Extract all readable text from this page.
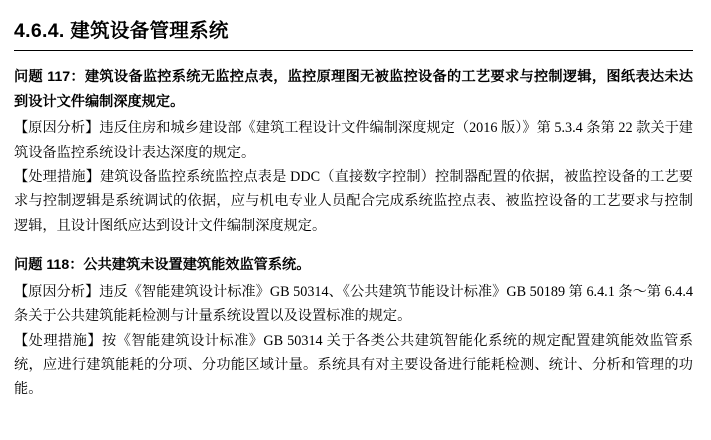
4.6.4. 建筑设备管理系统

问题 117：建筑设备监控系统无监控点表，监控原理图无被监控设备的工艺要求与控制逻辑，图纸表达未达到设计文件编制深度规定。

【原因分析】违反住房和城乡建设部《建筑工程设计文件编制深度规定（2016 版）》第 5.3.4 条第 22 款关于建筑设备监控系统设计表达深度的规定。

【处理措施】建筑设备监控系统监控点表是 DDC（直接数字控制）控制器配置的依据，被监控设备的工艺要求与控制逻辑是系统调试的依据，应与机电专业人员配合完成系统监控点表、被监控设备的工艺要求与控制逻辑，且设计图纸应达到设计文件编制深度规定。

问题 118：公共建筑未设置建筑能效监管系统。

【原因分析】违反《智能建筑设计标准》GB 50314、《公共建筑节能设计标准》GB 50189 第 6.4.1 条～第 6.4.4 条关于公共建筑能耗检测与计量系统设置以及设置标准的规定。

【处理措施】按《智能建筑设计标准》GB 50314 关于各类公共建筑智能化系统的规定配置建筑能效监管系统，应进行建筑能耗的分项、分功能区域计量。系统具有对主要设备进行能耗检测、统计、分析和管理的功能。
